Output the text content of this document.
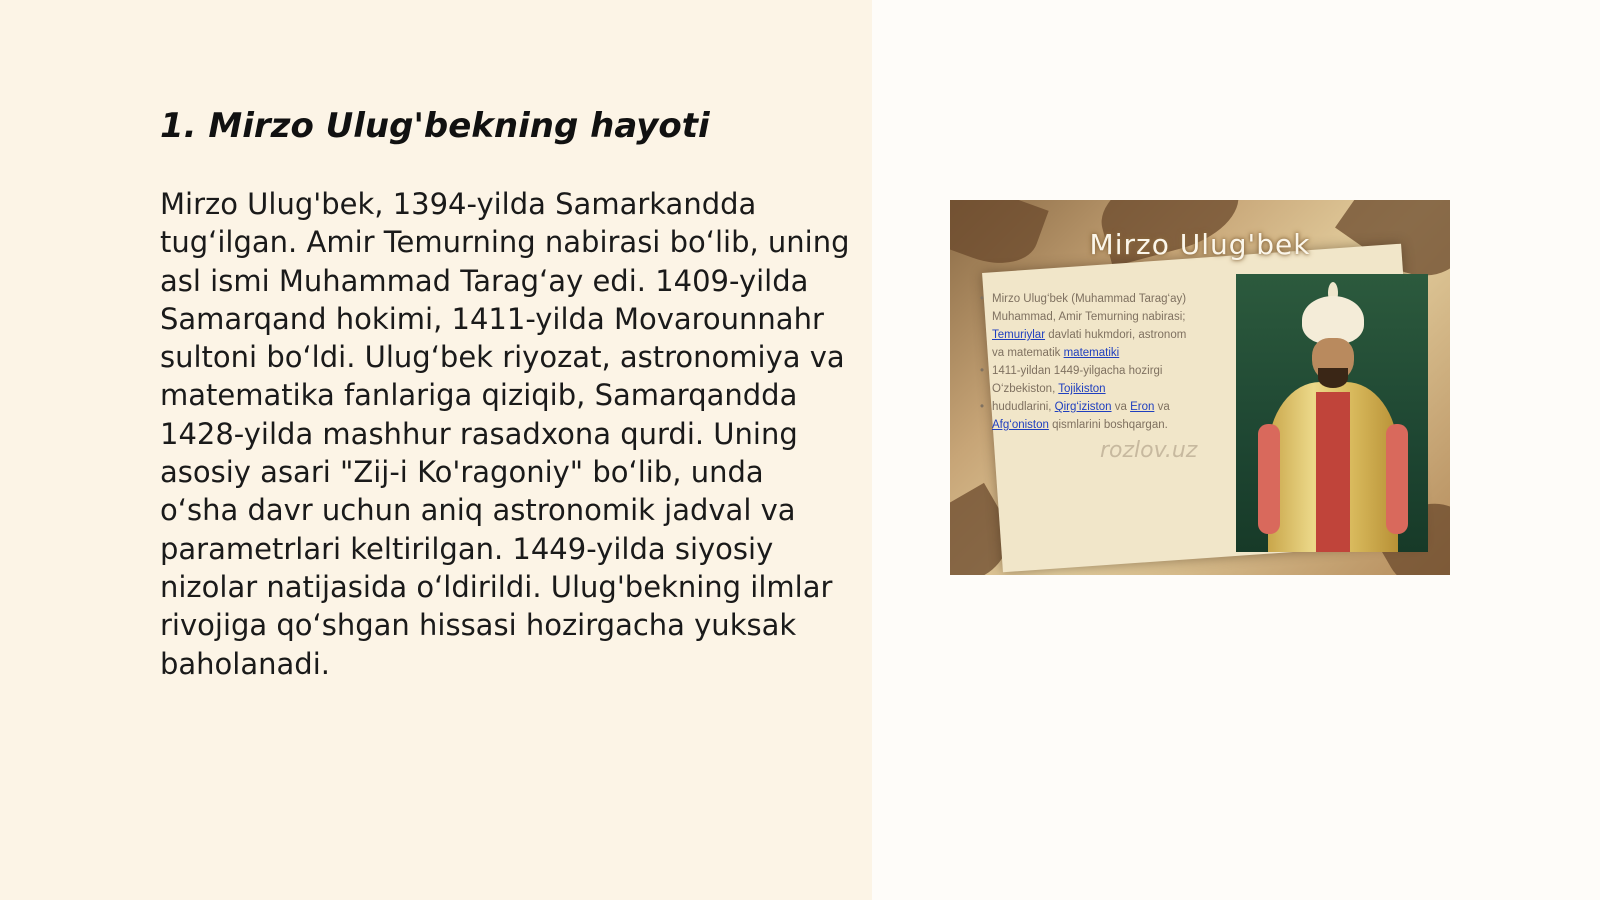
1. Mirzo Ulug'bekning hayoti

Mirzo Ulug'bek, 1394-yilda Samarkandda tug‘ilgan. Amir Temurning nabirasi bo‘lib, uning asl ismi Muhammad Tarag‘ay edi. 1409-yilda Samarqand hokimi, 1411-yilda Movarounnahr sultoni bo‘ldi. Ulug‘bek riyozat, astronomiya va matematika fanlariga qiziqib, Samarqandda 1428-yilda mashhur rasadxona qurdi. Uning asosiy asari "Zij-i Ko'ragoniy" bo‘lib, unda o‘sha davr uchun aniq astronomik jadval va parametrlari keltirilgan. 1449-yilda siyosiy nizolar natijasida o‘ldirildi. Ulug'bekning ilmlar rivojiga qo‘shgan hissasi hozirgacha yuksak baholanadi.

Mirzo Ulug'bek
• Mirzo Ulug‘bek (Muhammad Tarag‘ay) Muhammad, Amir Temurning nabirasi; Temuriylar davlati hukmdori, astronom va matematik matematiki
• 1411-yildan 1449-yilgacha hozirgi O‘zbekiston, Tojikiston
• hududlarini, Qirg‘iziston va Eron va Afg‘oniston qismlarini boshqargan.
rozlov.uz
